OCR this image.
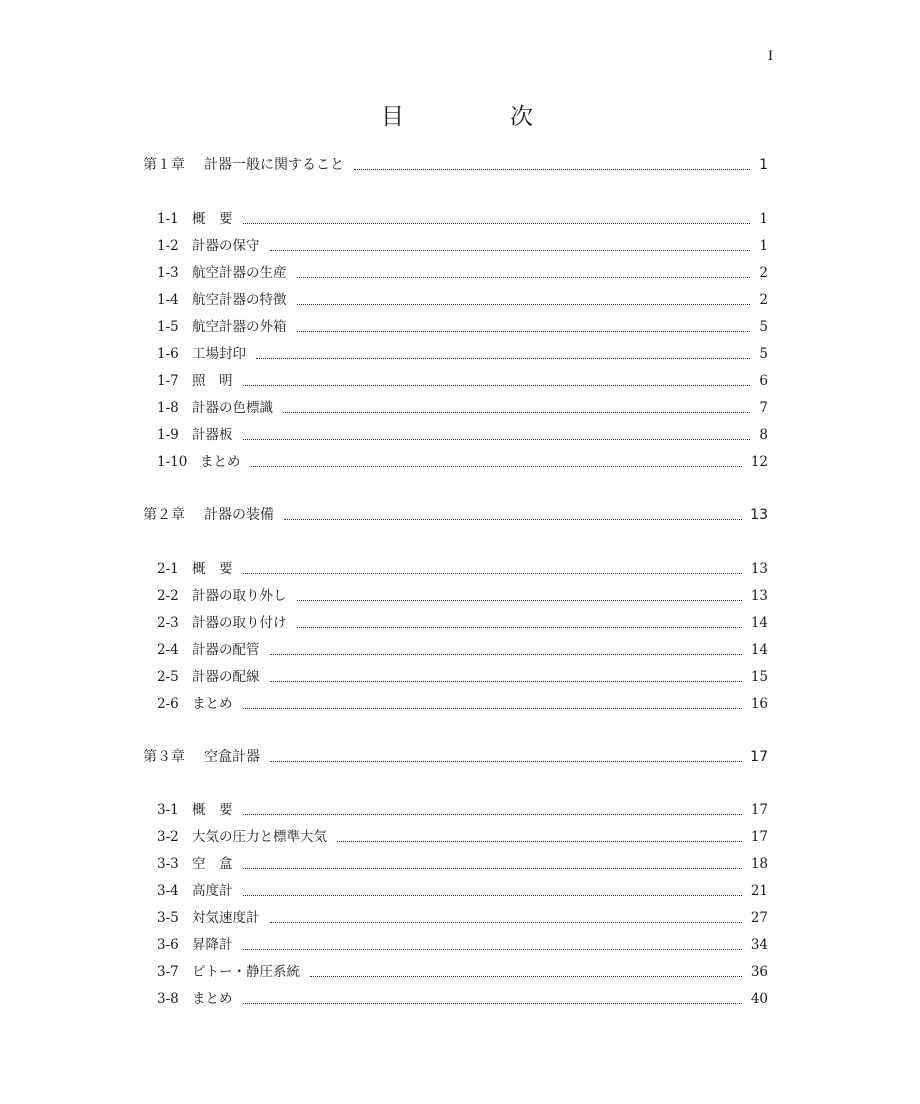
I
目	次
第１章 計器一般に関すること	1
1-1 概　要	1
1-2 計器の保守	1
1-3 航空計器の生産	2
1-4 航空計器の特徴	2
1-5 航空計器の外箱	5
1-6 工場封印	5
1-7 照　明	6
1-8 計器の色標識	7
1-9 計器板	8
1-10 まとめ	12
第２章 計器の装備	13
2-1 概　要	13
2-2 計器の取り外し	13
2-3 計器の取り付け	14
2-4 計器の配管	14
2-5 計器の配線	15
2-6 まとめ	16
第３章 空盒計器	17
3-1 概　要	17
3-2 大気の圧力と標準大気	17
3-3 空　盒	18
3-4 高度計	21
3-5 対気速度計	27
3-6 昇降計	34
3-7 ピトー・静圧系統	36
3-8 まとめ	40
